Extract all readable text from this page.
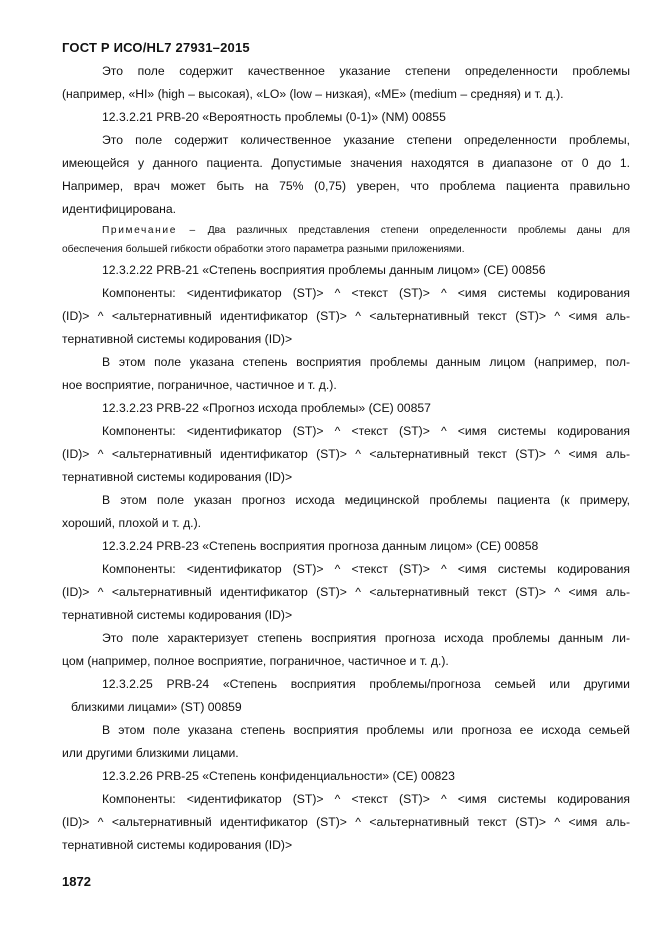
ГОСТ Р ИСО/HL7 27931–2015
Это поле содержит качественное указание степени определенности проблемы
(например, «HI» (high – высокая), «LO» (low – низкая), «ME» (medium – средняя) и т. д.).
12.3.2.21 PRB-20 «Вероятность проблемы (0-1)» (NM) 00855
Это поле содержит количественное указание степени определенности проблемы,
имеющейся у данного пациента. Допустимые значения находятся в диапазоне от 0 до 1.
Например, врач может быть на 75% (0,75) уверен, что проблема пациента правильно
идентифицирована.
Примечание – Два различных представления степени определенности проблемы даны для
обеспечения большей гибкости обработки этого параметра разными приложениями.
12.3.2.22 PRB-21 «Степень восприятия проблемы данным лицом» (CE) 00856
Компоненты: <идентификатор (ST)> ^ <текст (ST)> ^ <имя системы кодирования
(ID)> ^ <альтернативный идентификатор (ST)> ^ <альтернативный текст (ST)> ^ <имя аль-
тернативной системы кодирования (ID)>
В этом поле указана степень восприятия проблемы данным лицом (например, пол-
ное восприятие, пограничное, частичное и т. д.).
12.3.2.23 PRB-22 «Прогноз исхода проблемы» (CE) 00857
Компоненты: <идентификатор (ST)> ^ <текст (ST)> ^ <имя системы кодирования
(ID)> ^ <альтернативный идентификатор (ST)> ^ <альтернативный текст (ST)> ^ <имя аль-
тернативной системы кодирования (ID)>
В этом поле указан прогноз исхода медицинской проблемы пациента (к примеру,
хороший, плохой и т. д.).
12.3.2.24 PRB-23 «Степень восприятия прогноза данным лицом» (CE) 00858
Компоненты: <идентификатор (ST)> ^ <текст (ST)> ^ <имя системы кодирования
(ID)> ^ <альтернативный идентификатор (ST)> ^ <альтернативный текст (ST)> ^ <имя аль-
тернативной системы кодирования (ID)>
Это поле характеризует степень восприятия прогноза исхода проблемы данным ли-
цом (например, полное восприятие, пограничное, частичное и т. д.).
12.3.2.25 PRB-24 «Степень восприятия проблемы/прогноза семьей или другими
близкими лицами» (ST) 00859
В этом поле указана степень восприятия проблемы или прогноза ее исхода семьей
или другими близкими лицами.
12.3.2.26 PRB-25 «Степень конфиденциальности» (CE) 00823
Компоненты: <идентификатор (ST)> ^ <текст (ST)> ^ <имя системы кодирования
(ID)> ^ <альтернативный идентификатор (ST)> ^ <альтернативный текст (ST)> ^ <имя аль-
тернативной системы кодирования (ID)>
1872
